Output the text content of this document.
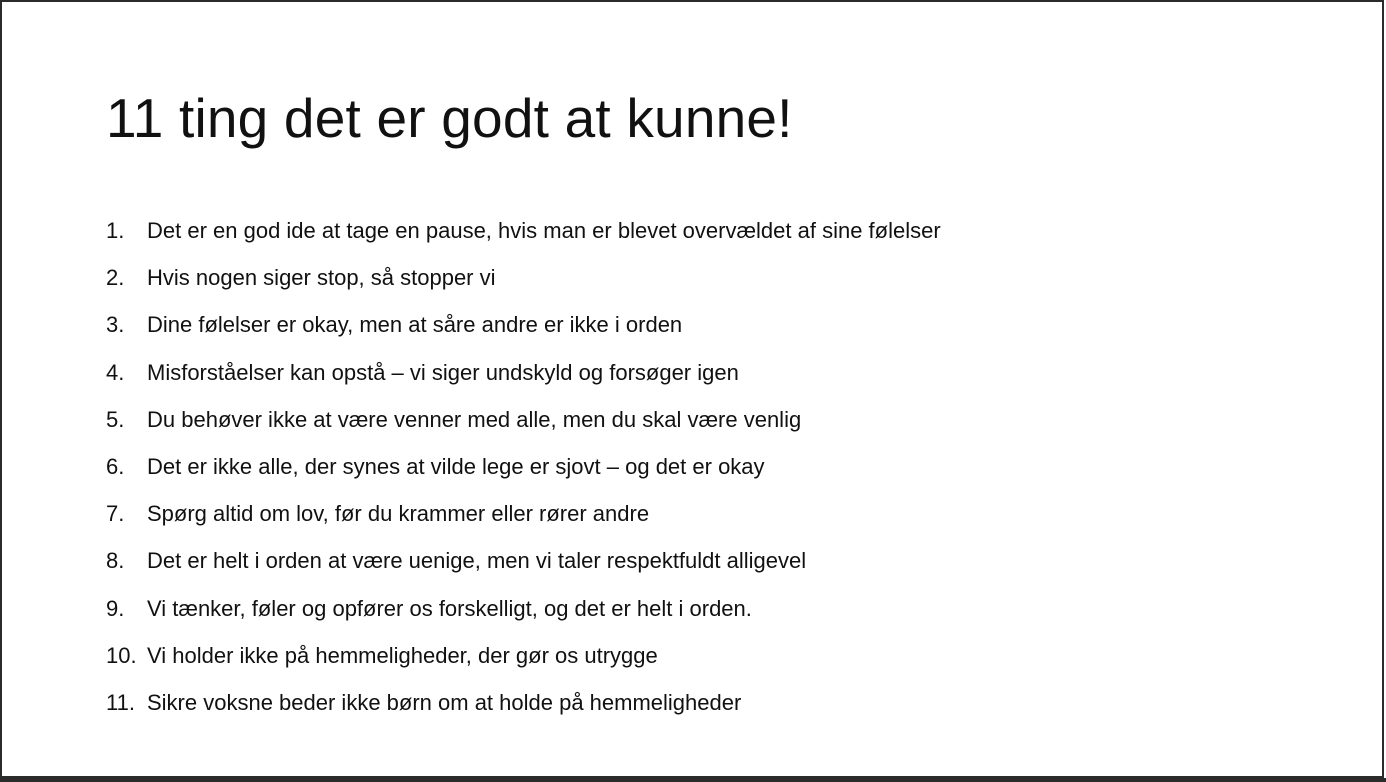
11 ting det er godt at kunne!
1. Det er en god ide at tage en pause, hvis man er blevet overvældet af sine følelser
2. Hvis nogen siger stop, så stopper vi
3. Dine følelser er okay, men at såre andre er ikke i orden
4. Misforståelser kan opstå – vi siger undskyld og forsøger igen
5. Du behøver ikke at være venner med alle, men du skal være venlig
6. Det er ikke alle, der synes at vilde lege er sjovt – og det er okay
7. Spørg altid om lov, før du krammer eller rører andre
8. Det er helt i orden at være uenige, men vi taler respektfuldt alligevel
9. Vi tænker, føler og opfører os forskelligt, og det er helt i orden.
10. Vi holder ikke på hemmeligheder, der gør os utrygge
11. Sikre voksne beder ikke børn om at holde på hemmeligheder
